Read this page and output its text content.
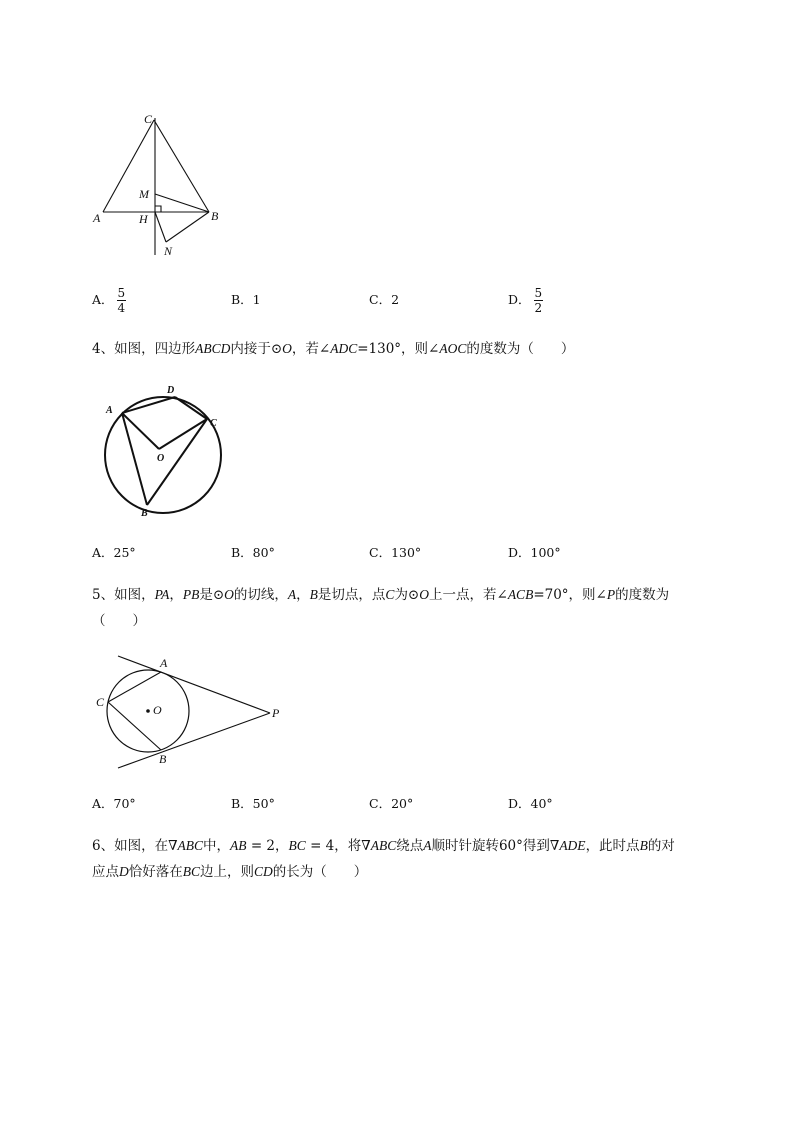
C
M
A	H	B
N
A． $\frac{5}{4}$	B．1	C．2	D． $\frac{5}{2}$
4、如图，四边形ABCD内接于⊙O，若∠ADC=130°，则∠AOC的度数为（　　）
A
D
C
O
B
A．25°	B．80°	C．130°	D．100°
5、如图，PA，PB是⊙O的切线，A，B是切点，点C为⊙O上一点，若∠ACB=70°，则∠P的度数为
（　　）
A
C
O	P
B
A．70°	B．50°	C．20°	D．40°
6、如图，在∇ABC中，AB = 2，BC = 4，将∇ABC绕点A顺时针旋转60°得到∇ADE，此时点B的对
应点D恰好落在BC边上，则CD的长为（　　）
